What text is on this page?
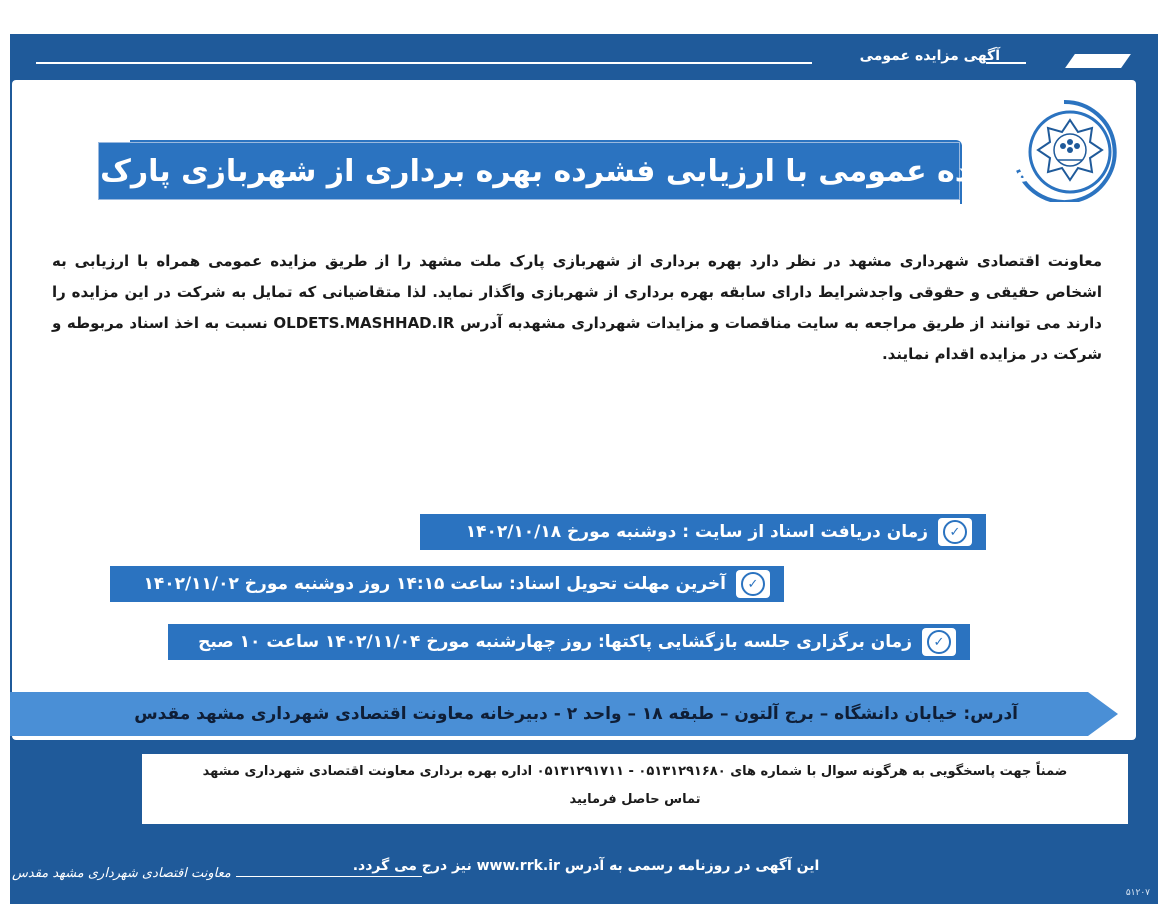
آگهی مزایده عمومی
مزایده عمومی با ارزیابی فشرده بهره برداری از شهربازی پارک ملت
معاونت اقتصادی شهرداری مشهد در نظر دارد بهره برداری از شهربازی پارک ملت مشهد را از طریق مزایده عمومی همراه با ارزیابی به اشخاص حقیقی و حقوقی واجدشرایط دارای سابقه بهره برداری از شهربازی واگذار نماید. لذا متقاضیانی که تمایل به شرکت در این مزایده را دارند می توانند از طریق مراجعه به سایت مناقصات و مزایدات شهرداری مشهدبه آدرس OLDETS.MASHHAD.IR نسبت به اخذ اسناد مربوطه و شرکت در مزایده اقدام نمایند.
زمان دریافت اسناد از سایت : دوشنبه مورخ ۱۴۰۲/۱۰/۱۸	✓
آخرین مهلت تحویل اسناد: ساعت ۱۴:۱۵ روز دوشنبه مورخ ۱۴۰۲/۱۱/۰۲	✓
زمان برگزاری جلسه بازگشایی پاکتها: روز چهارشنبه مورخ ۱۴۰۲/۱۱/۰۴ ساعت ۱۰ صبح	✓
آدرس: خیابان دانشگاه – برج آلتون – طبقه ۱۸ – واحد ۲ - دبیرخانه معاونت اقتصادی شهرداری مشهد مقدس
ضمناً جهت پاسخگویی به هرگونه سوال با شماره های ۰۵۱۳۱۲۹۱۶۸۰ - ۰۵۱۳۱۲۹۱۷۱۱ اداره بهره برداری معاونت اقتصادی شهرداری مشهد
تماس حاصل فرمایید
این آگهی در روزنامه رسمی به آدرس www.rrk.ir نیز درج می گردد.
معاونت اقتصادی شهرداری مشهد مقدس
۵۱۲۰۷
